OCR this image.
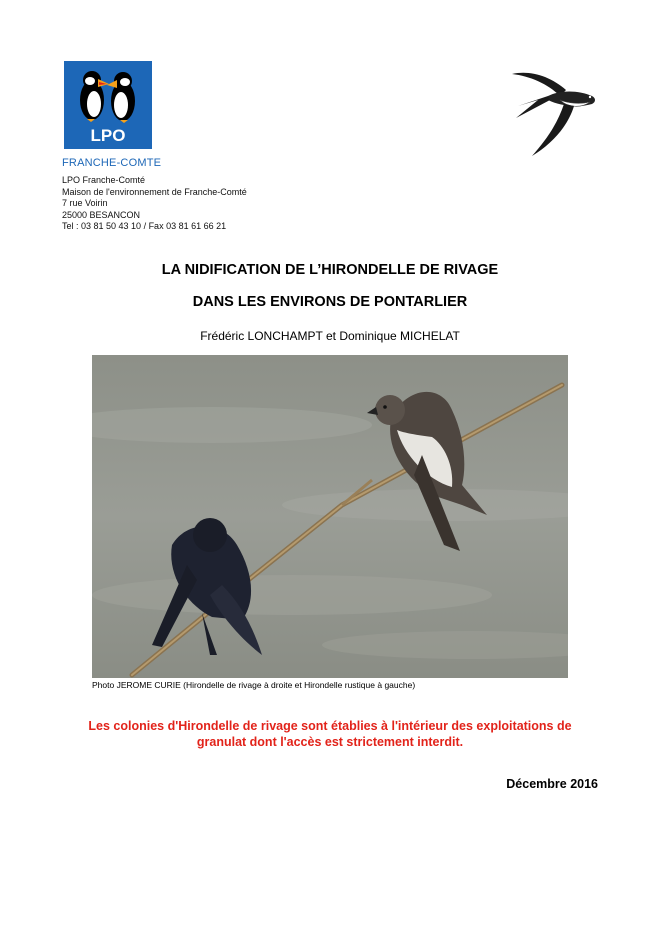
LPO
FRANCHE-COMTE
LPO Franche-Comté
Maison de l'environnement de Franche-Comté
7 rue Voirin
25000 BESANCON
Tel : 03 81 50 43 10 / Fax 03 81 61 66 21
LA NIDIFICATION DE L’HIRONDELLE DE RIVAGE
DANS LES ENVIRONS DE PONTARLIER
Frédéric LONCHAMPT et Dominique MICHELAT
Photo JEROME CURIE (Hirondelle de rivage à droite et Hirondelle rustique à gauche)
Les colonies d'Hirondelle de rivage sont établies à l'intérieur des exploitations de
granulat dont l'accès est strictement interdit.
Décembre 2016
